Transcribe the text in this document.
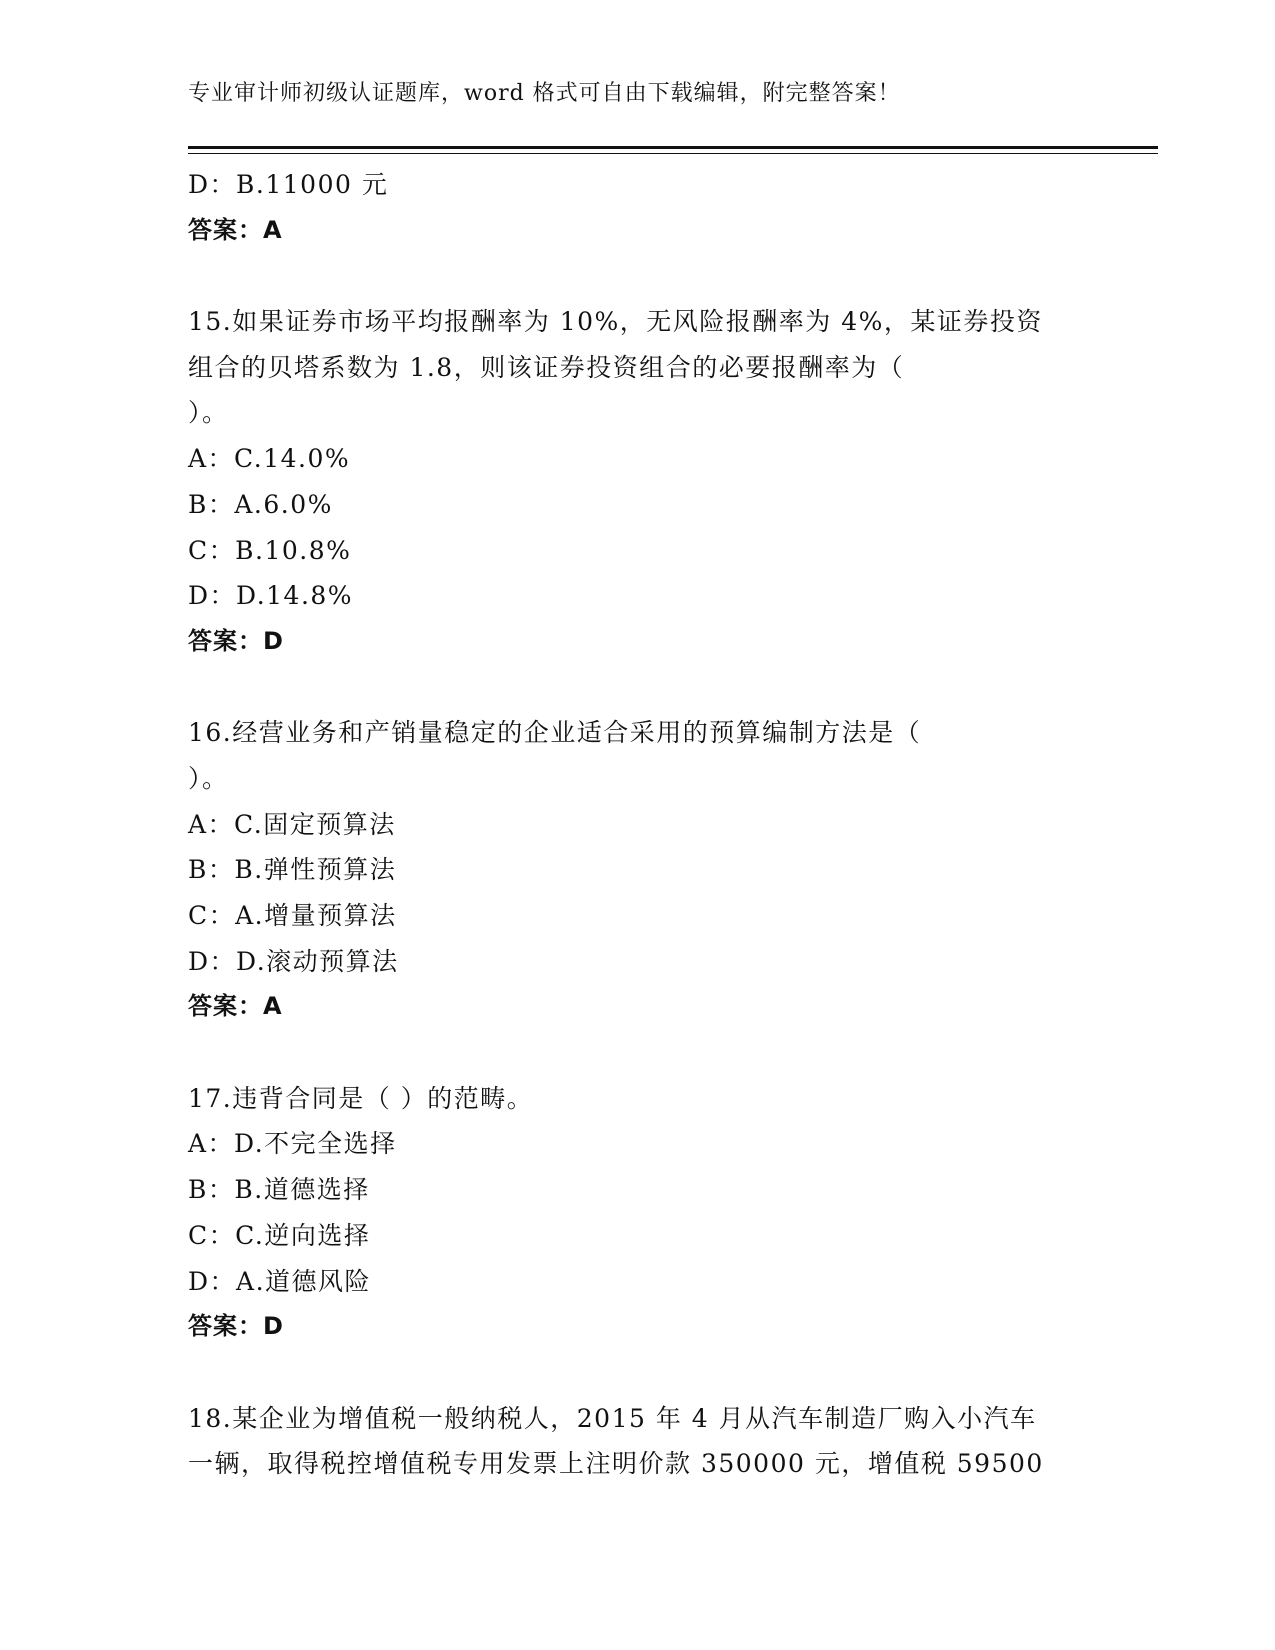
专业审计师初级认证题库，word 格式可自由下载编辑，附完整答案！
D：B.11000 元
答案：A
15.如果证券市场平均报酬率为 10%，无风险报酬率为 4%，某证券投资
组合的贝塔系数为 1.8，则该证券投资组合的必要报酬率为（
）。
A：C.14.0%
B：A.6.0%
C：B.10.8%
D：D.14.8%
答案：D
16.经营业务和产销量稳定的企业适合采用的预算编制方法是（
）。
A：C.固定预算法
B：B.弹性预算法
C：A.增量预算法
D：D.滚动预算法
答案：A
17.违背合同是（ ）的范畴。
A：D.不完全选择
B：B.道德选择
C：C.逆向选择
D：A.道德风险
答案：D
18.某企业为增值税一般纳税人，2015 年 4 月从汽车制造厂购入小汽车
一辆，取得税控增值税专用发票上注明价款 350000 元，增值税 59500
